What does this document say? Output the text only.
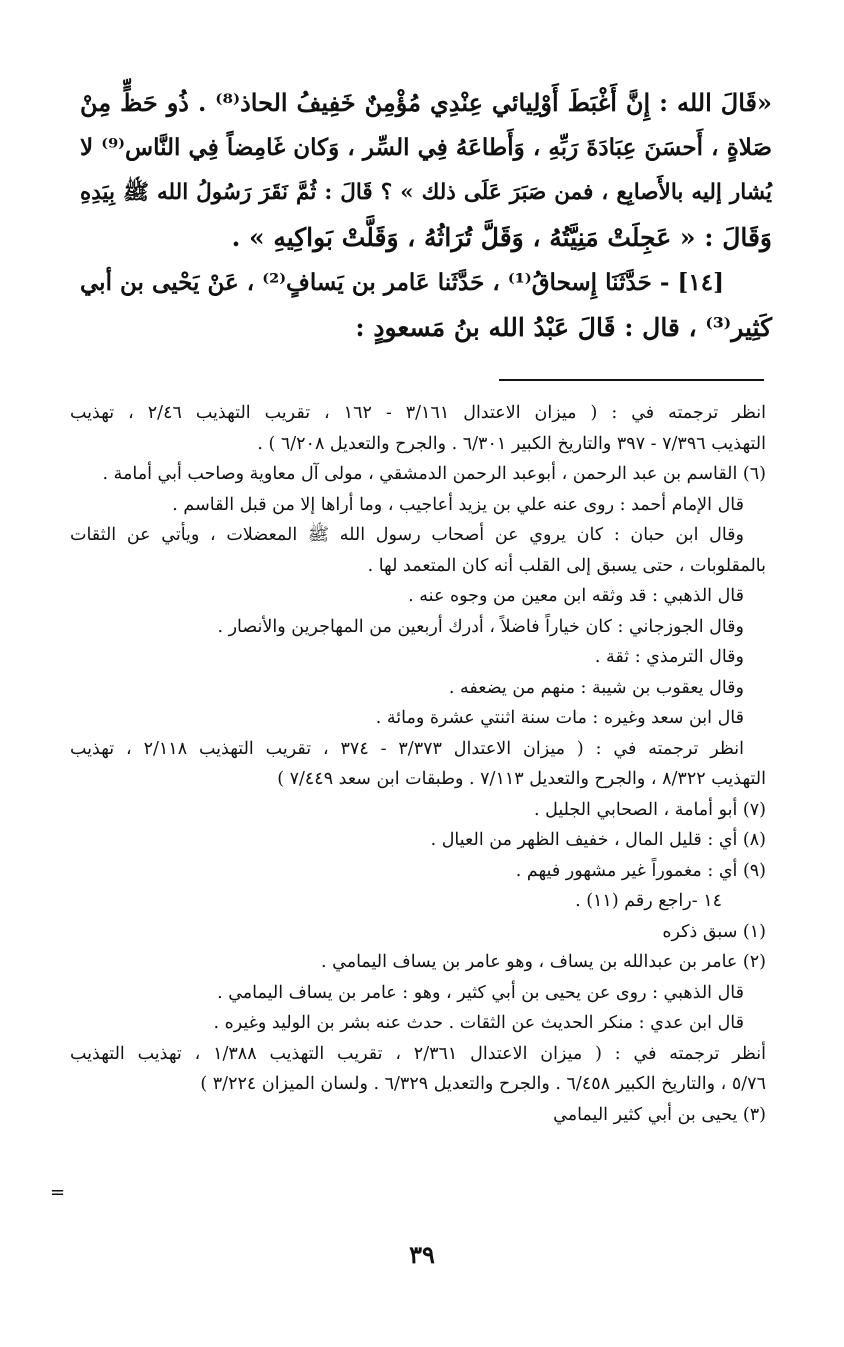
«قَالَ الله : إِنَّ أَغْبَطَ أَوْلِيائي عِنْدِي مُؤْمِنٌ خَفِيفُ الحاذ⁽⁸⁾ . ذُو حَظٍّ مِنْ

صَلاةٍ ، أَحسَنَ عِبَادَةَ رَبِّهِ ، وَأَطاعَهُ فِي السِّر ، وَكان غَامِضاً فِي النَّاس⁽⁹⁾ لا

يُشار إليه بالأَصابِع ، فمن صَبَرَ عَلَى ذلك » ؟ قَالَ : ثُمَّ نَقَرَ رَسُولُ الله ﷺ بِيَدِهِ

وَقَالَ : « عَجِلَتْ مَنِيَّتُهُ ، وَقَلَّ تُرَاثُهُ ، وَقَلَّتْ بَواكِيهِ » .

[١٤] - حَدَّثَنَا إِسحاقُ⁽¹⁾ ، حَدَّثَنا عَامر بن يَسافٍ⁽²⁾ ، عَنْ يَحْيى بن أبي

كَثِير⁽³⁾ ، قال : قَالَ عَبْدُ الله بنُ مَسعودٍ :

انظر ترجمته في : ( ميزان الاعتدال ٣/١٦١ - ١٦٢ ، تقريب التهذيب ٢/٤٦ ، تهذيب

التهذيب ٧/٣٩٦ - ٣٩٧ والتاريخ الكبير ٦/٣٠١ . والجرح والتعديل ٦/٢٠٨ ) .

(٦) القاسم بن عبد الرحمن ، أبوعبد الرحمن الدمشقي ، مولى آل معاوية وصاحب أبي أمامة .

قال الإمام أحمد : روى عنه علي بن يزيد أعاجيب ، وما أراها إلا من قبل القاسم .

وقال ابن حبان : كان يروي عن أصحاب رسول الله ﷺ المعضلات ، ويأتي عن الثقات

بالمقلوبات ، حتى يسبق إلى القلب أنه كان المتعمد لها .

قال الذهبي : قد وثقه ابن معين من وجوه عنه .

وقال الجوزجاني : كان خياراً فاضلاً ، أدرك أربعين من المهاجرين والأنصار .

وقال الترمذي : ثقة .

وقال يعقوب بن شيبة : منهم من يضعفه .

قال ابن سعد وغيره : مات سنة اثنتي عشرة ومائة .

انظر ترجمته في : ( ميزان الاعتدال ٣/٣٧٣ - ٣٧٤ ، تقريب التهذيب ٢/١١٨ ، تهذيب

التهذيب ٨/٣٢٢ ، والجرح والتعديل ٧/١١٣ . وطبقات ابن سعد ٧/٤٤٩ )

(٧) أبو أمامة ، الصحابي الجليل .

(٨) أي : قليل المال ، خفيف الظهر من العيال .

(٩) أي : مغموراً غير مشهور فيهم .

١٤ -راجع رقم (١١) .

(١) سبق ذكره

(٢) عامر بن عبدالله بن يساف ، وهو عامر بن يساف اليمامي .

قال الذهبي : روى عن يحيى بن أبي كثير ، وهو : عامر بن يساف اليمامي .

قال ابن عدي : منكر الحديث عن الثقات . حدث عنه بشر بن الوليد وغيره .

أنظر ترجمته في : ( ميزان الاعتدال ٢/٣٦١ ، تقريب التهذيب ١/٣٨٨ ، تهذيب التهذيب

٥/٧٦ ، والتاريخ الكبير ٦/٤٥٨ . والجرح والتعديل ٦/٣٢٩ . ولسان الميزان ٣/٢٢٤ )

(٣) يحيى بن أبي كثير اليمامي

=
٣٩
